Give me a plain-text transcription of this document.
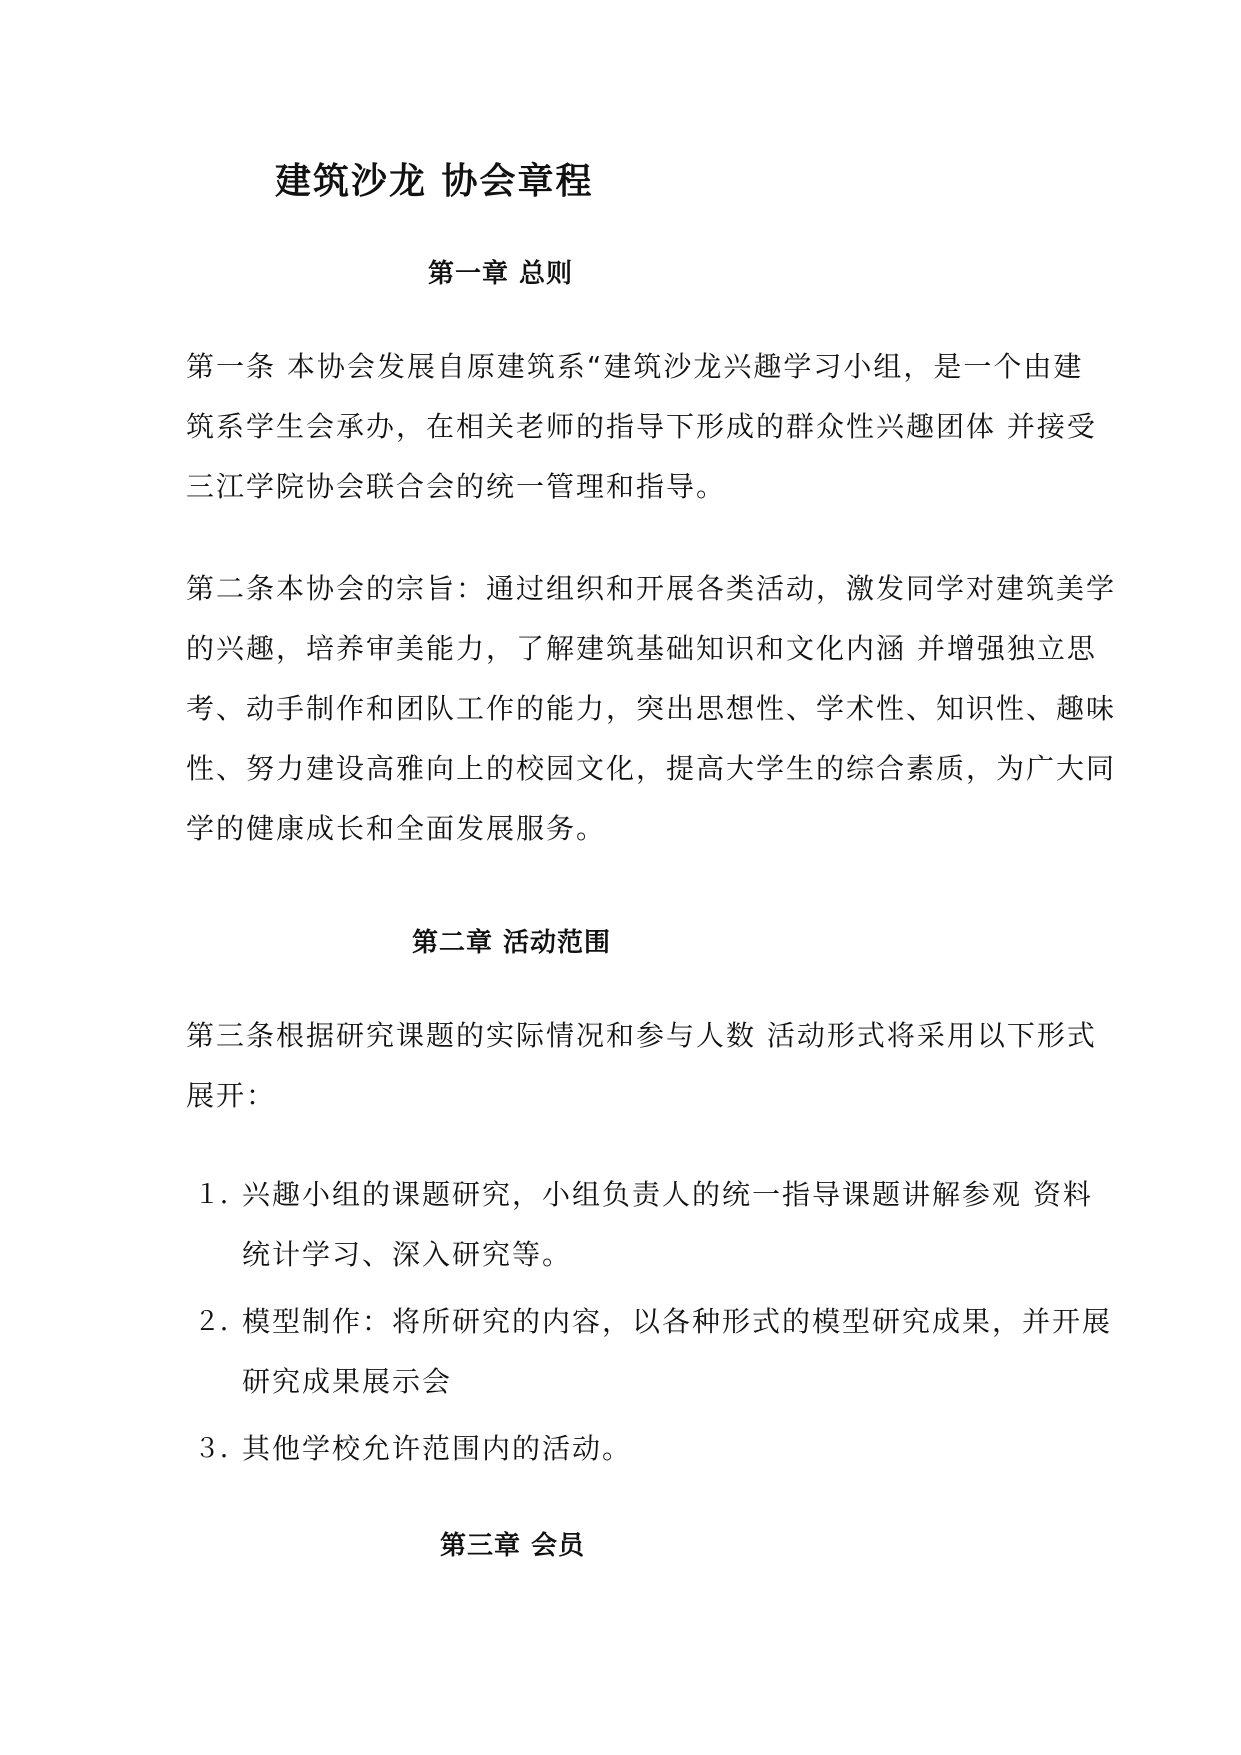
建筑沙龙 协会章程
第一章 总则
第一条 本协会发展自原建筑系“建筑沙龙兴趣学习小组，是一个由建
筑系学生会承办，在相关老师的指导下形成的群众性兴趣团体 并接受
三江学院协会联合会的统一管理和指导。
第二条本协会的宗旨：通过组织和开展各类活动，激发同学对建筑美学
的兴趣，培养审美能力，了解建筑基础知识和文化内涵 并增强独立思
考、动手制作和团队工作的能力，突出思想性、学术性、知识性、趣味
性、努力建设高雅向上的校园文化，提高大学生的综合素质，为广大同
学的健康成长和全面发展服务。
第二章 活动范围
第三条根据研究课题的实际情况和参与人数 活动形式将采用以下形式
展开：
１．
兴趣小组的课题研究，小组负责人的统一指导课题讲解参观 资料
统计学习、深入研究等。
２．
模型制作：将所研究的内容，以各种形式的模型研究成果，并开展
研究成果展示会
３．
其他学校允许范围内的活动。
第三章 会员
